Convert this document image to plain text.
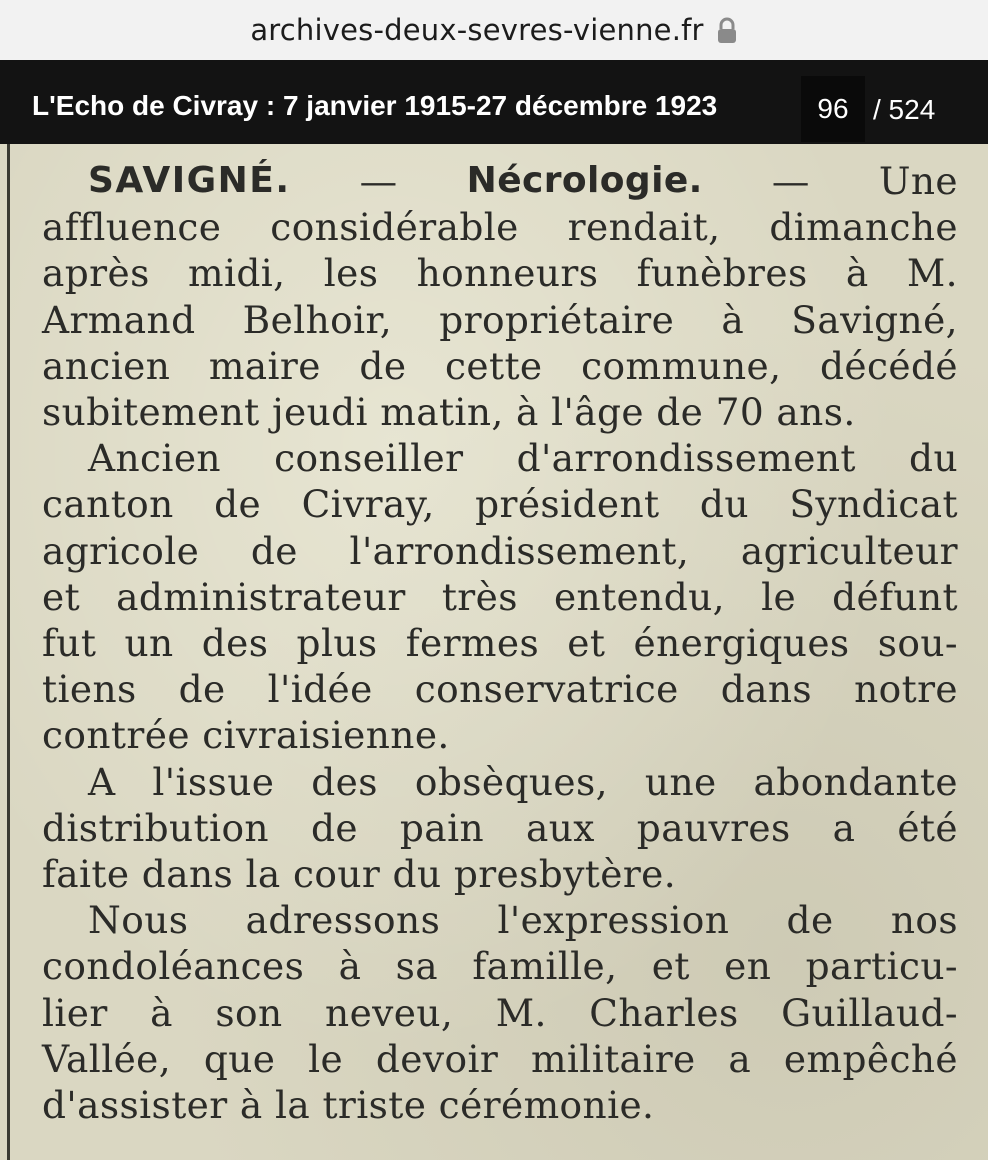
archives-deux-sevres-vienne.fr
L'Echo de Civray : 7 janvier 1915-27 décembre 1923
96	/ 524
SAVIGNÉ. — Nécrologie. — Une
affluence considérable rendait, dimanche
après midi, les honneurs funèbres à M.
Armand Belhoir, propriétaire à Savigné,
ancien maire de cette commune, décédé
subitement jeudi matin, à l'âge de 70 ans.
Ancien conseiller d'arrondissement du
canton de Civray, président du Syndicat
agricole de l'arrondissement, agriculteur
et administrateur très entendu, le défunt
fut un des plus fermes et énergiques sou-
tiens de l'idée conservatrice dans notre
contrée civraisienne.
A l'issue des obsèques, une abondante
distribution de pain aux pauvres a été
faite dans la cour du presbytère.
Nous adressons l'expression de nos
condoléances à sa famille, et en particu-
lier à son neveu, M. Charles Guillaud-
Vallée, que le devoir militaire a empêché
d'assister à la triste cérémonie.
